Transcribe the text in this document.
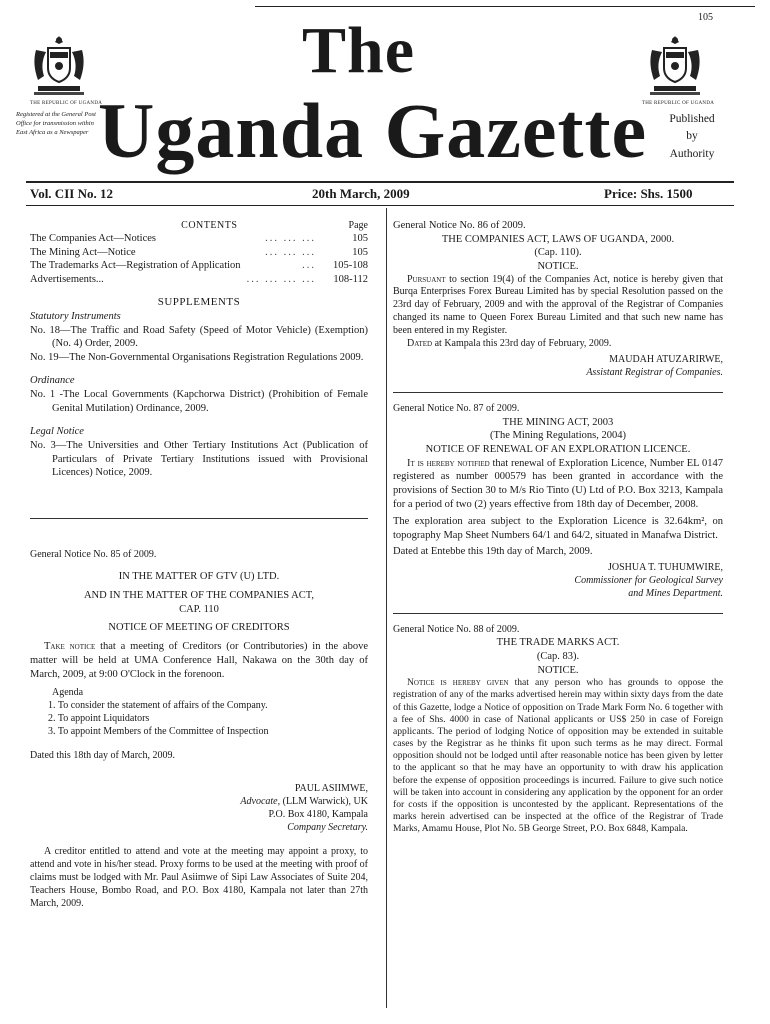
105
THE REPUBLIC OF UGANDA	THE REPUBLIC OF UGANDA
The
Uganda Gazette
Registered at the General Post Office for transmission within East Africa as a Newspaper
Published
by
Authority
Vol. CII No. 12	20th March, 2009	Price: Shs. 1500
CONTENTS	Page
The Companies Act—Notices	... ... ...	105
The Mining Act—Notice	... ... ...	105
The Trademarks Act—Registration of Application	...	105-108
Advertisements...	... ... ... ...	108-112
SUPPLEMENTS
Statutory Instruments
No. 18—The Traffic and Road Safety (Speed of Motor Vehicle) (Exemption) (No. 4) Order, 2009.
No. 19—The Non-Governmental Organisations Registration Regulations 2009.
Ordinance
No. 1 -The Local Governments (Kapchorwa District) (Prohibition of Female Genital Mutilation) Ordinance, 2009.
Legal Notice
No. 3—The Universities and Other Tertiary Institutions Act (Publication of Particulars of Private Tertiary Institutions issued with Provisional Licences) Notice, 2009.
General Notice No. 85 of 2009.
IN THE MATTER OF GTV (U) LTD.
AND IN THE MATTER OF THE COMPANIES ACT,
CAP. 110
NOTICE OF MEETING OF CREDITORS
Take notice that a meeting of Creditors (or Contributories) in the above matter will be held at UMA Conference Hall, Nakawa on the 30th day of March, 2009, at 9:00 O'Clock in the forenoon.
Agenda
1. To consider the statement of affairs of the Company.
2. To appoint Liquidators
3. To appoint Members of the Committee of Inspection
Dated this 18th day of March, 2009.
PAUL ASIIMWE,
Advocate, (LLM Warwick), UK
P.O. Box 4180, Kampala
Company Secretary.
A creditor entitled to attend and vote at the meeting may appoint a proxy, to attend and vote in his/her stead. Proxy forms to be used at the meeting with proof of claims must be lodged with Mr. Paul Asiimwe of Sipi Law Associates of Suite 204, Teachers House, Bombo Road, and P.O. Box 4180, Kampala not later than 27th March, 2009.
General Notice No. 86 of 2009.
THE COMPANIES ACT, LAWS OF UGANDA, 2000.
(Cap. 110).
NOTICE.
Pursuant to section 19(4) of the Companies Act, notice is hereby given that Burqa Enterprises Forex Bureau Limited has by special Resolution passed on the 23rd day of February, 2009 and with the approval of the Registrar of Companies changed its name to Queen Forex Bureau Limited and that such new name has been entered in my Register.
Dated at Kampala this 23rd day of February, 2009.
MAUDAH ATUZARIRWE,
Assistant Registrar of Companies.
General Notice No. 87 of 2009.
THE MINING ACT, 2003
(The Mining Regulations, 2004)
NOTICE OF RENEWAL OF AN EXPLORATION LICENCE.
It is hereby notified that renewal of Exploration Licence, Number EL 0147 registered as number 000579 has been granted in accordance with the provisions of Section 30 to M/s Rio Tinto (U) Ltd of P.O. Box 3213, Kampala for a period of two (2) years effective from 18th day of December, 2008.
The exploration area subject to the Exploration Licence is 32.64km², on topography Map Sheet Numbers 64/1 and 64/2, situated in Manafwa District.
Dated at Entebbe this 19th day of March, 2009.
JOSHUA T. TUHUMWIRE,
Commissioner for Geological Survey
and Mines Department.
General Notice No. 88 of 2009.
THE TRADE MARKS ACT.
(Cap. 83).
NOTICE.
Notice is hereby given that any person who has grounds to oppose the registration of any of the marks advertised herein may within sixty days from the date of this Gazette, lodge a Notice of opposition on Trade Mark Form No. 6 together with a fee of Shs. 4000 in case of National applicants or US$ 250 in case of Foreign applicants. The period of lodging Notice of opposition may be extended in suitable cases by the Registrar as he thinks fit upon such terms as he may direct. Formal opposition should not be lodged until after reasonable notice has been given by letter to the applicant so that he may have an opportunity to with draw his application before the expense of opposition proceedings is incurred. Failure to give such notice will be taken into account in considering any application by the opponent for an order for costs if the opposition is uncontested by the applicant. Representations of the marks herein advertised can be inspected at the office of the Registrar of Trade Marks, Amamu House, Plot No. 5B George Street, P.O. Box 6848, Kampala.
